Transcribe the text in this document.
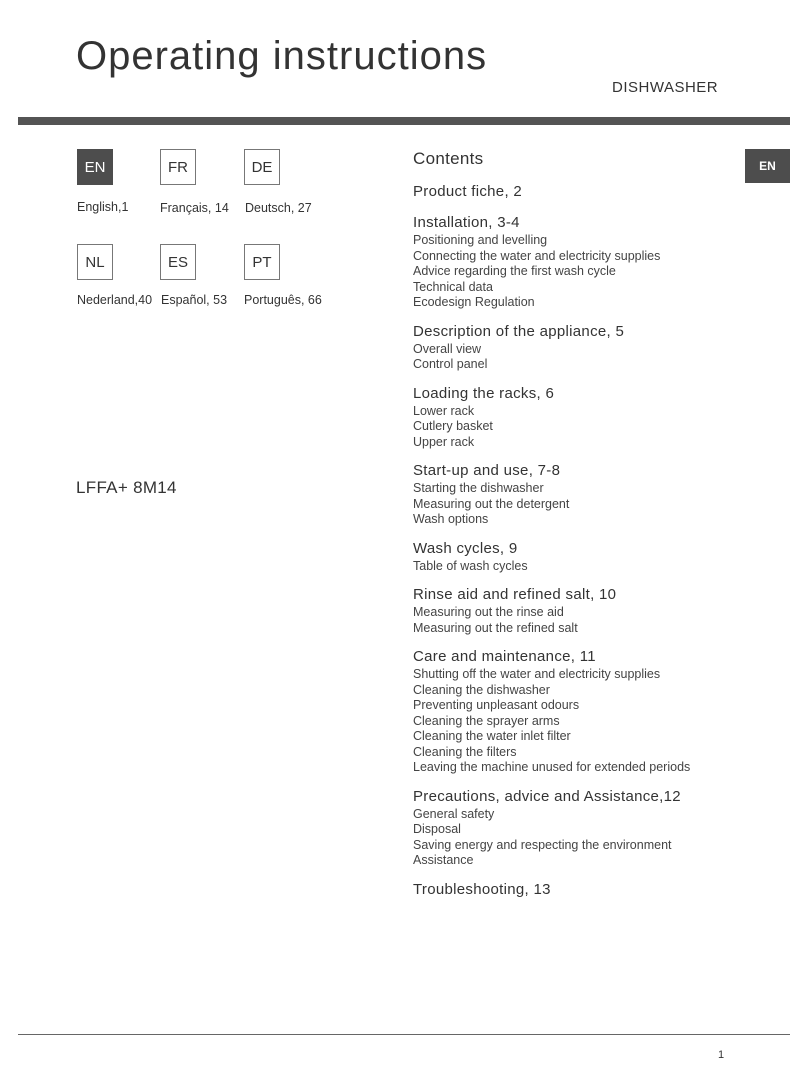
Operating instructions
DISHWASHER
EN	FR	DE
English,1	Français, 14 Deutsch, 27
NL	ES	PT
Nederland,40 Español, 53 Português, 66
LFFA+ 8M14
EN
Contents
Product fiche, 2
Installation, 3-4
Positioning and levelling
Connecting the water and electricity supplies
Advice regarding the first wash cycle
Technical data
Ecodesign Regulation
Description of the appliance, 5
Overall view
Control panel
Loading the racks, 6
Lower rack
Cutlery basket
Upper rack
Start-up and use, 7-8
Starting the dishwasher
Measuring out the detergent
Wash options
Wash cycles, 9
Table of wash cycles
Rinse aid and refined salt, 10
Measuring out the rinse aid
Measuring out the refined salt
Care and maintenance, 11
Shutting off the water and electricity supplies
Cleaning the dishwasher
Preventing unpleasant odours
Cleaning the sprayer arms
Cleaning the water inlet filter
Cleaning the filters
Leaving the machine unused for extended periods
Precautions, advice and Assistance,12
General safety
Disposal
Saving energy and respecting the environment
Assistance
Troubleshooting, 13
1
